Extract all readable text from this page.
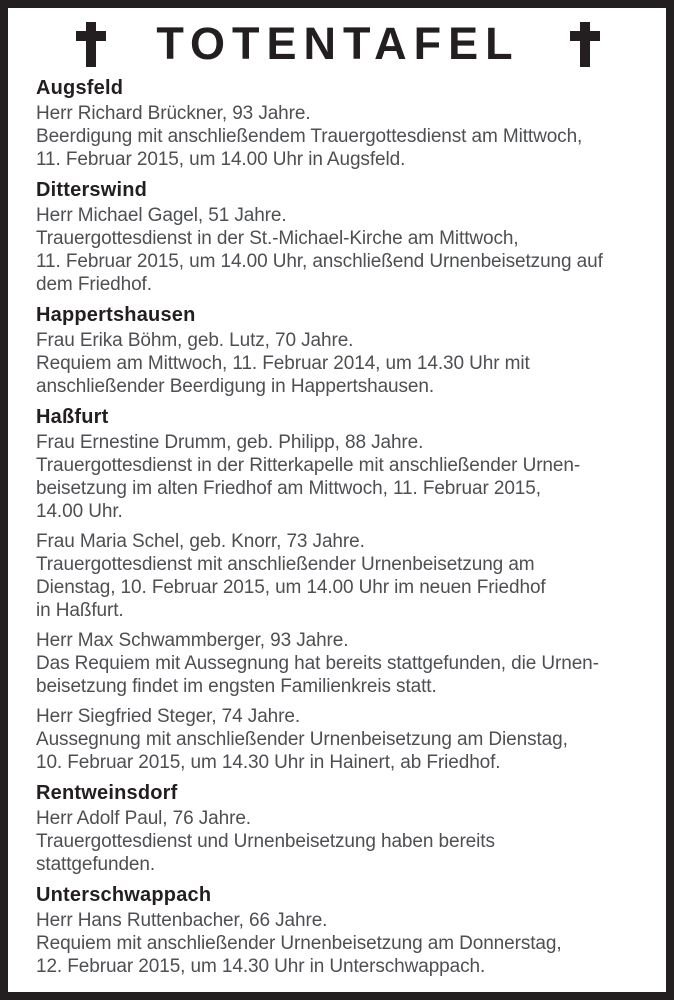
TOTENTAFEL
Augsfeld
Herr Richard Brückner, 93 Jahre.
Beerdigung mit anschließendem Trauergottesdienst am Mittwoch,
11. Februar 2015, um 14.00 Uhr in Augsfeld.
Ditterswind
Herr Michael Gagel, 51 Jahre.
Trauergottesdienst in der St.-Michael-Kirche am Mittwoch,
11. Februar 2015, um 14.00 Uhr, anschließend Urnenbeisetzung auf
dem Friedhof.
Happertshausen
Frau Erika Böhm, geb. Lutz, 70 Jahre.
Requiem am Mittwoch, 11. Februar 2014, um 14.30 Uhr mit
anschließender Beerdigung in Happertshausen.
Haßfurt
Frau Ernestine Drumm, geb. Philipp, 88 Jahre.
Trauergottesdienst in der Ritterkapelle mit anschließender Urnen-
beisetzung im alten Friedhof am Mittwoch, 11. Februar 2015,
14.00 Uhr.
Frau Maria Schel, geb. Knorr, 73 Jahre.
Trauergottesdienst mit anschließender Urnenbeisetzung am
Dienstag, 10. Februar 2015, um 14.00 Uhr im neuen Friedhof
in Haßfurt.
Herr Max Schwammberger, 93 Jahre.
Das Requiem mit Aussegnung hat bereits stattgefunden, die Urnen-
beisetzung findet im engsten Familienkreis statt.
Herr Siegfried Steger, 74 Jahre.
Aussegnung mit anschließender Urnenbeisetzung am Dienstag,
10. Februar 2015, um 14.30 Uhr in Hainert, ab Friedhof.
Rentweinsdorf
Herr Adolf Paul, 76 Jahre.
Trauergottesdienst und Urnenbeisetzung haben bereits
stattgefunden.
Unterschwappach
Herr Hans Ruttenbacher, 66 Jahre.
Requiem mit anschließender Urnenbeisetzung am Donnerstag,
12. Februar 2015, um 14.30 Uhr in Unterschwappach.
